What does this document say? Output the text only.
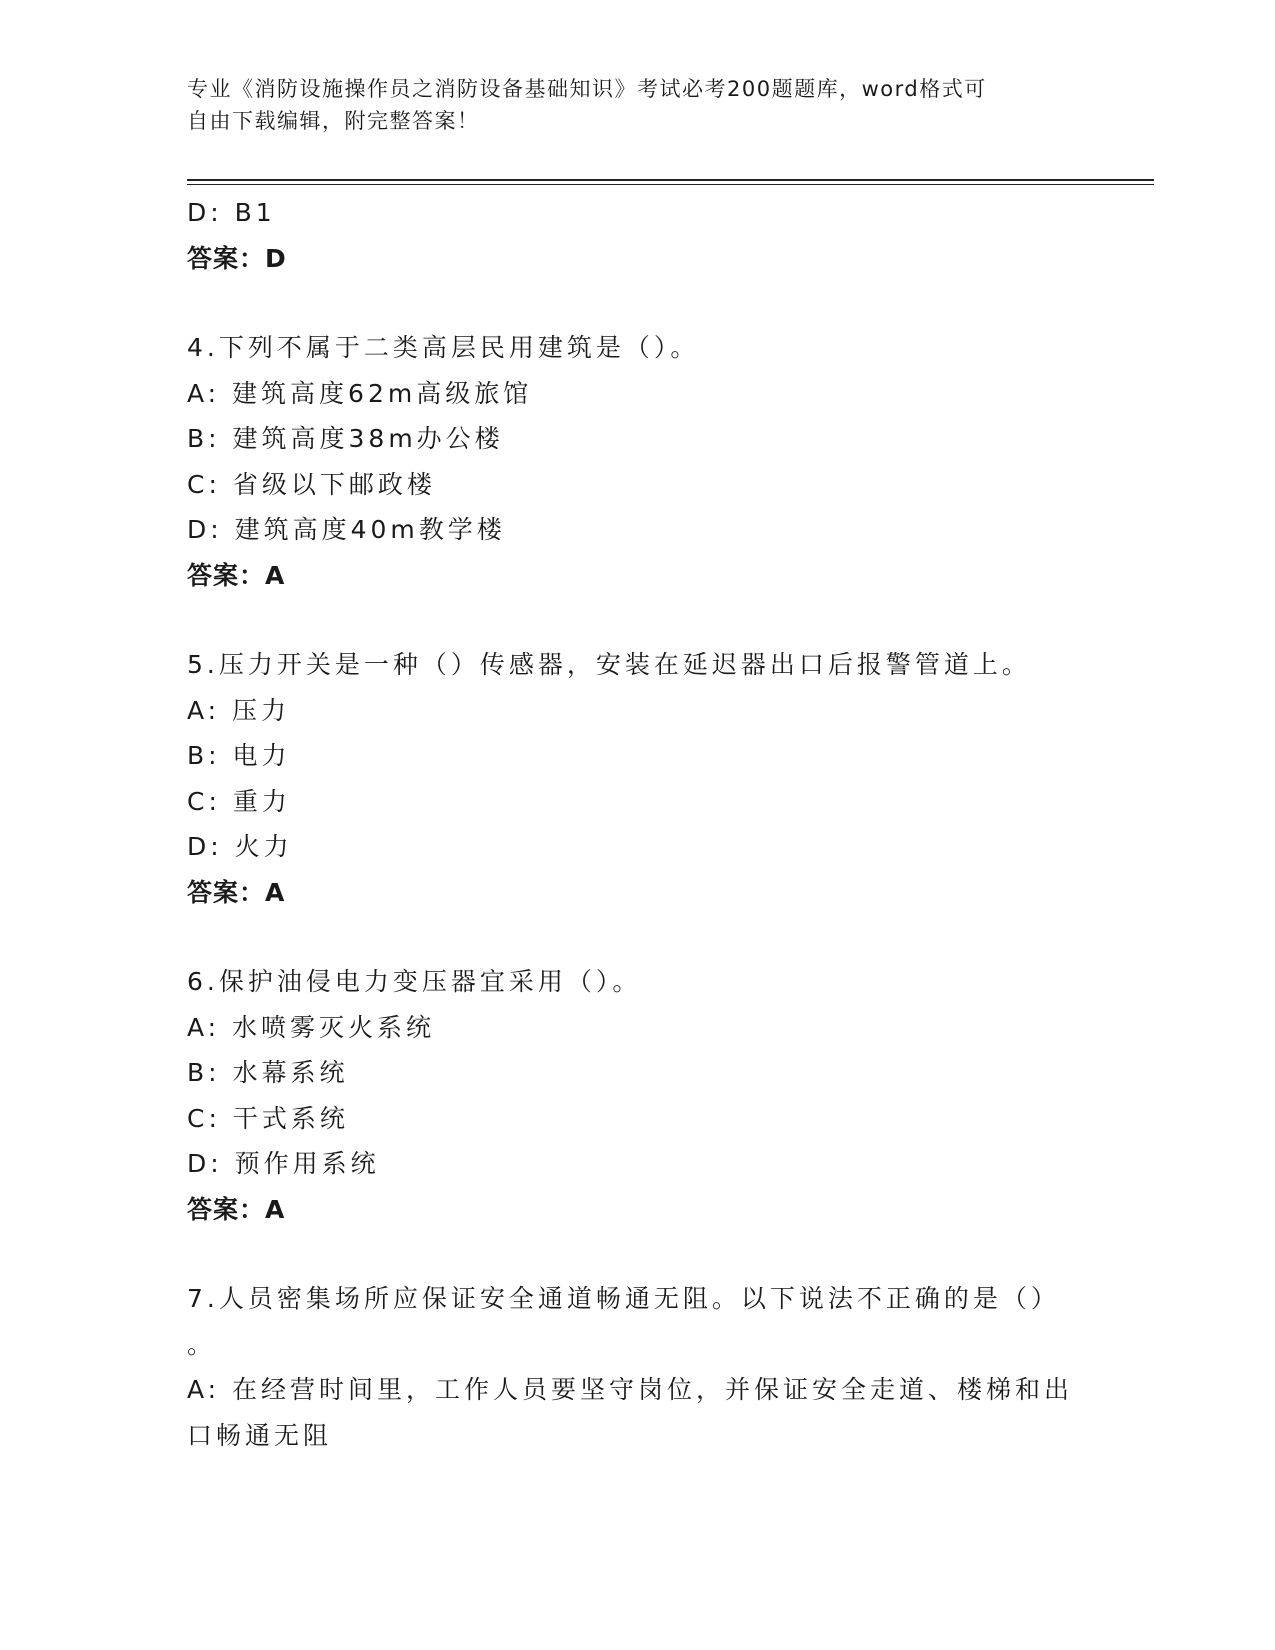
专业《消防设施操作员之消防设备基础知识》考试必考200题题库，word格式可
自由下载编辑，附完整答案！
D: B1
答案：D
4.下列不属于二类高层民用建筑是（）。
A: 建筑高度62m高级旅馆
B: 建筑高度38m办公楼
C: 省级以下邮政楼
D: 建筑高度40m教学楼
答案：A
5.压力开关是一种（）传感器，安装在延迟器出口后报警管道上。
A: 压力
B: 电力
C: 重力
D: 火力
答案：A
6.保护油侵电力变压器宜采用（）。
A: 水喷雾灭火系统
B: 水幕系统
C: 干式系统
D: 预作用系统
答案：A
7.人员密集场所应保证安全通道畅通无阻。以下说法不正确的是（）
。
A: 在经营时间里，工作人员要坚守岗位，并保证安全走道、楼梯和出
口畅通无阻
